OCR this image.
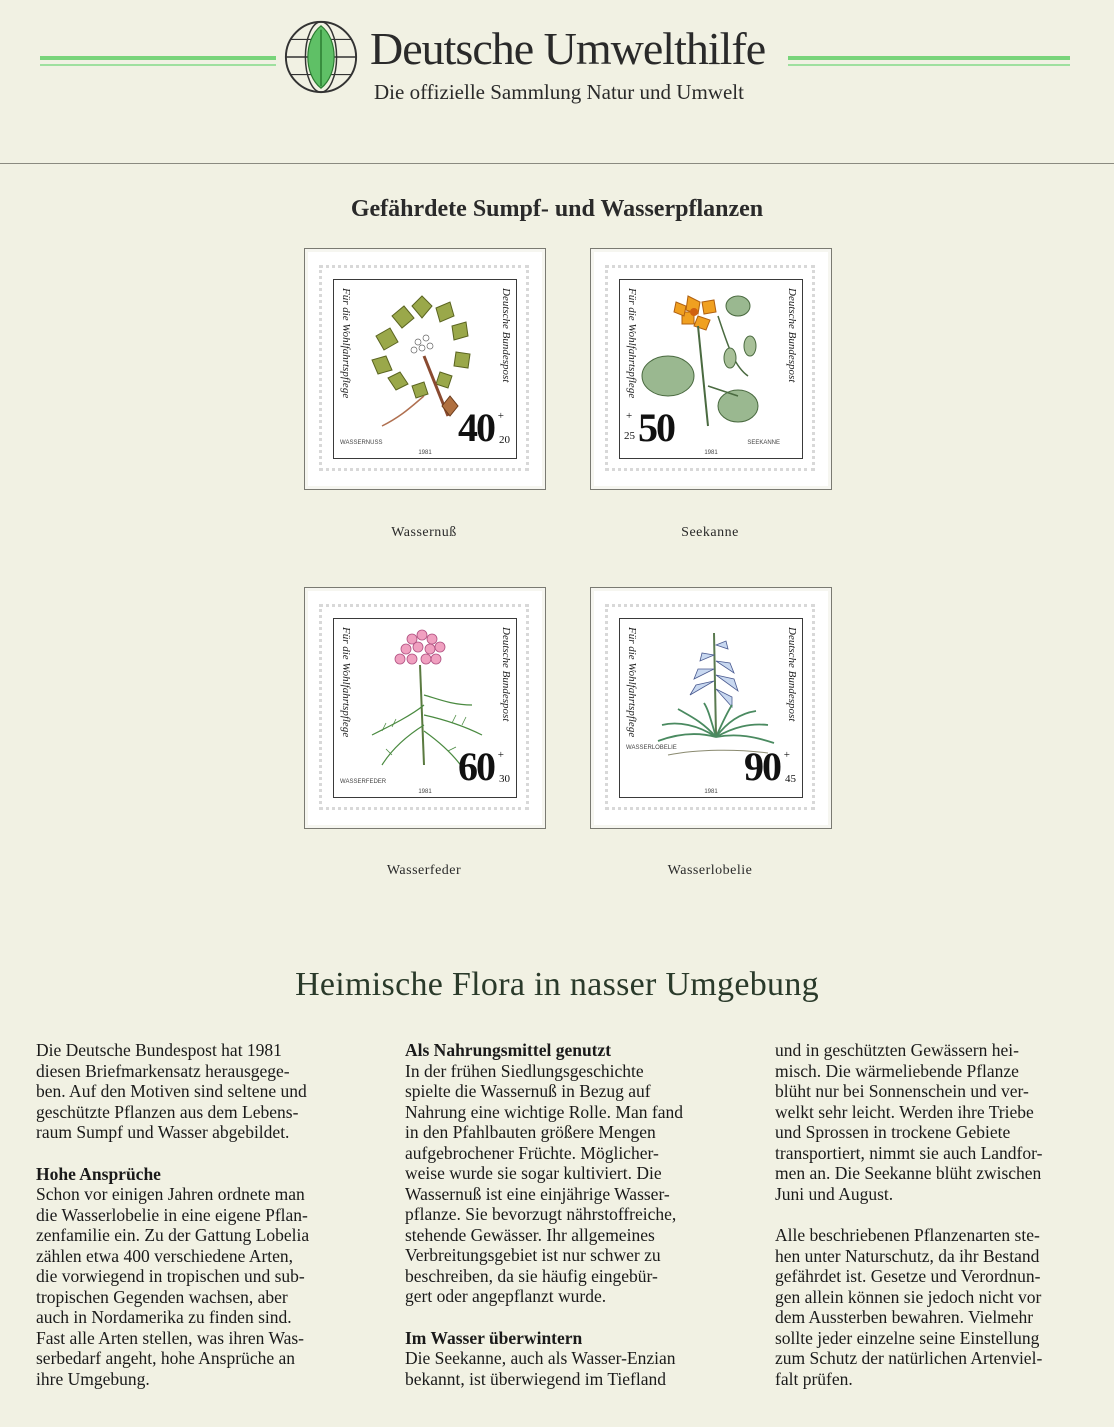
Deutsche Umwelthilfe
Die offizielle Sammlung Natur und Umwelt
Gefährdete Sumpf- und Wasserpflanzen
Für die Wohlfahrtspflege	Deutsche Bundespost
WASSERNUSS
1981
40 +
20
Wassernuß
Für die Wohlfahrtspflege	Deutsche Bundespost
SEEKANNE
1981
50
+
25
Seekanne
Für die Wohlfahrtspflege	Deutsche Bundespost
WASSERFEDER
1981
60 +
30
Wasserfeder
Für die Wohlfahrtspflege	Deutsche Bundespost
WASSERLOBELIE
1981
90 +
45
Wasserlobelie
Heimische Flora in nasser Umgebung

Die Deutsche Bundespost hat 1981
diesen Briefmarkensatz herausgege-
ben. Auf den Motiven sind seltene und
geschützte Pflanzen aus dem Lebens-
raum Sumpf und Wasser abgebildet.

Hohe Ansprüche

Schon vor einigen Jahren ordnete man
die Wasserlobelie in eine eigene Pflan-
zenfamilie ein. Zu der Gattung Lobelia
zählen etwa 400 verschiedene Arten,
die vorwiegend in tropischen und sub-
tropischen Gegenden wachsen, aber
auch in Nordamerika zu finden sind.
Fast alle Arten stellen, was ihren Was-
serbedarf angeht, hohe Ansprüche an
ihre Umgebung.

Als Nahrungsmittel genutzt

In der frühen Siedlungsgeschichte
spielte die Wassernuß in Bezug auf
Nahrung eine wichtige Rolle. Man fand
in den Pfahlbauten größere Mengen
aufgebrochener Früchte. Möglicher-
weise wurde sie sogar kultiviert. Die
Wassernuß ist eine einjährige Wasser-
pflanze. Sie bevorzugt nährstoffreiche,
stehende Gewässer. Ihr allgemeines
Verbreitungsgebiet ist nur schwer zu
beschreiben, da sie häufig eingebür-
gert oder angepflanzt wurde.

Im Wasser überwintern

Die Seekanne, auch als Wasser-Enzian
bekannt, ist überwiegend im Tiefland

und in geschützten Gewässern hei-
misch. Die wärmeliebende Pflanze
blüht nur bei Sonnenschein und ver-
welkt sehr leicht. Werden ihre Triebe
und Sprossen in trockene Gebiete
transportiert, nimmt sie auch Landfor-
men an. Die Seekanne blüht zwischen
Juni und August.

Alle beschriebenen Pflanzenarten ste-
hen unter Naturschutz, da ihr Bestand
gefährdet ist. Gesetze und Verordnun-
gen allein können sie jedoch nicht vor
dem Aussterben bewahren. Vielmehr
sollte jeder einzelne seine Einstellung
zum Schutz der natürlichen Artenviel-
falt prüfen.
